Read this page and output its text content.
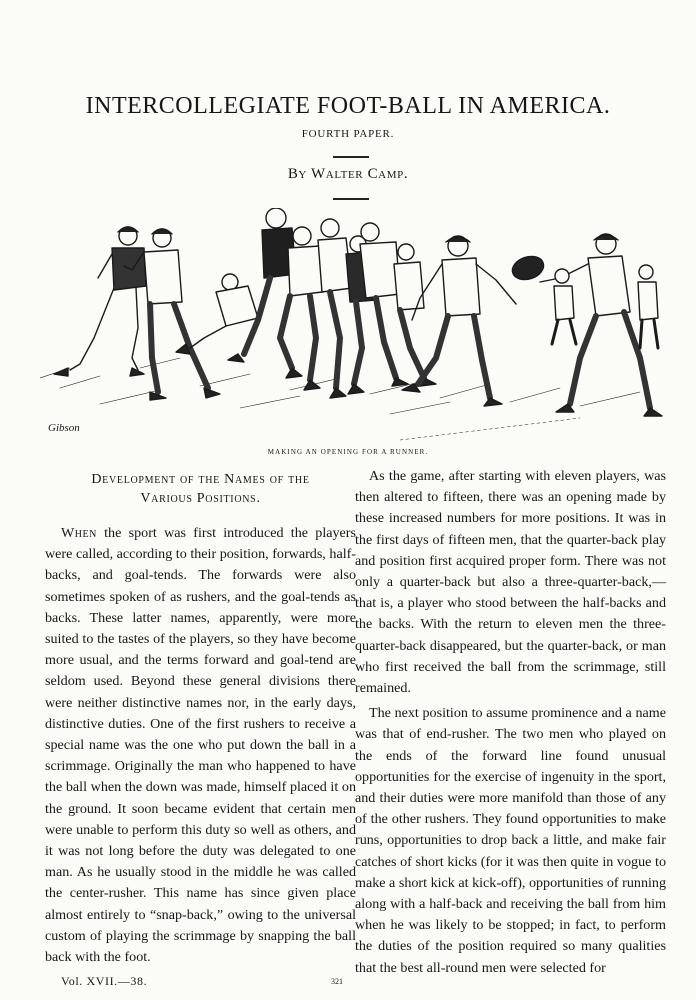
INTERCOLLEGIATE FOOT-BALL IN AMERICA.
FOURTH PAPER.
By Walter Camp.
Gibson
MAKING AN OPENING FOR A RUNNER.
Development of the Names of the
Various Positions.

When the sport was first introduced the players were called, according to their position, forwards, half-backs, and goal-tends. The forwards were also sometimes spoken of as rushers, and the goal-tends as backs. These latter names, apparently, were more suited to the tastes of the players, so they have become more usual, and the terms forward and goal-tend are seldom used. Beyond these general divisions there were neither distinctive names nor, in the early days, distinctive duties. One of the first rushers to receive a special name was the one who put down the ball in a scrimmage. Originally the man who happened to have the ball when the down was made, himself placed it on the ground. It soon became evident that certain men were unable to perform this duty so well as others, and it was not long before the duty was delegated to one man. As he usually stood in the middle he was called the center-rusher. This name has since given place almost entirely to “snap-back,” owing to the universal custom of playing the scrimmage by snapping the ball back with the foot.

As the game, after starting with eleven players, was then altered to fifteen, there was an opening made by these increased numbers for more positions. It was in the first days of fifteen men, that the quarter-back play and position first acquired proper form. There was not only a quarter-back but also a three-quarter-back,— that is, a player who stood between the half-backs and the backs. With the return to eleven men the three-quarter-back disappeared, but the quarter-back, or man who first received the ball from the scrimmage, still remained.

The next position to assume prominence and a name was that of end-rusher. The two men who played on the ends of the forward line found unusual opportunities for the exercise of ingenuity in the sport, and their duties were more manifold than those of any of the other rushers. They found opportunities to make runs, opportunities to drop back a little, and make fair catches of short kicks (for it was then quite in vogue to make a short kick at kick-off), opportunities of running along with a half-back and receiving the ball from him when he was likely to be stopped; in fact, to perform the duties of the position required so many qualities that the best all-round men were selected for

Vol. XVII.—38.	321
